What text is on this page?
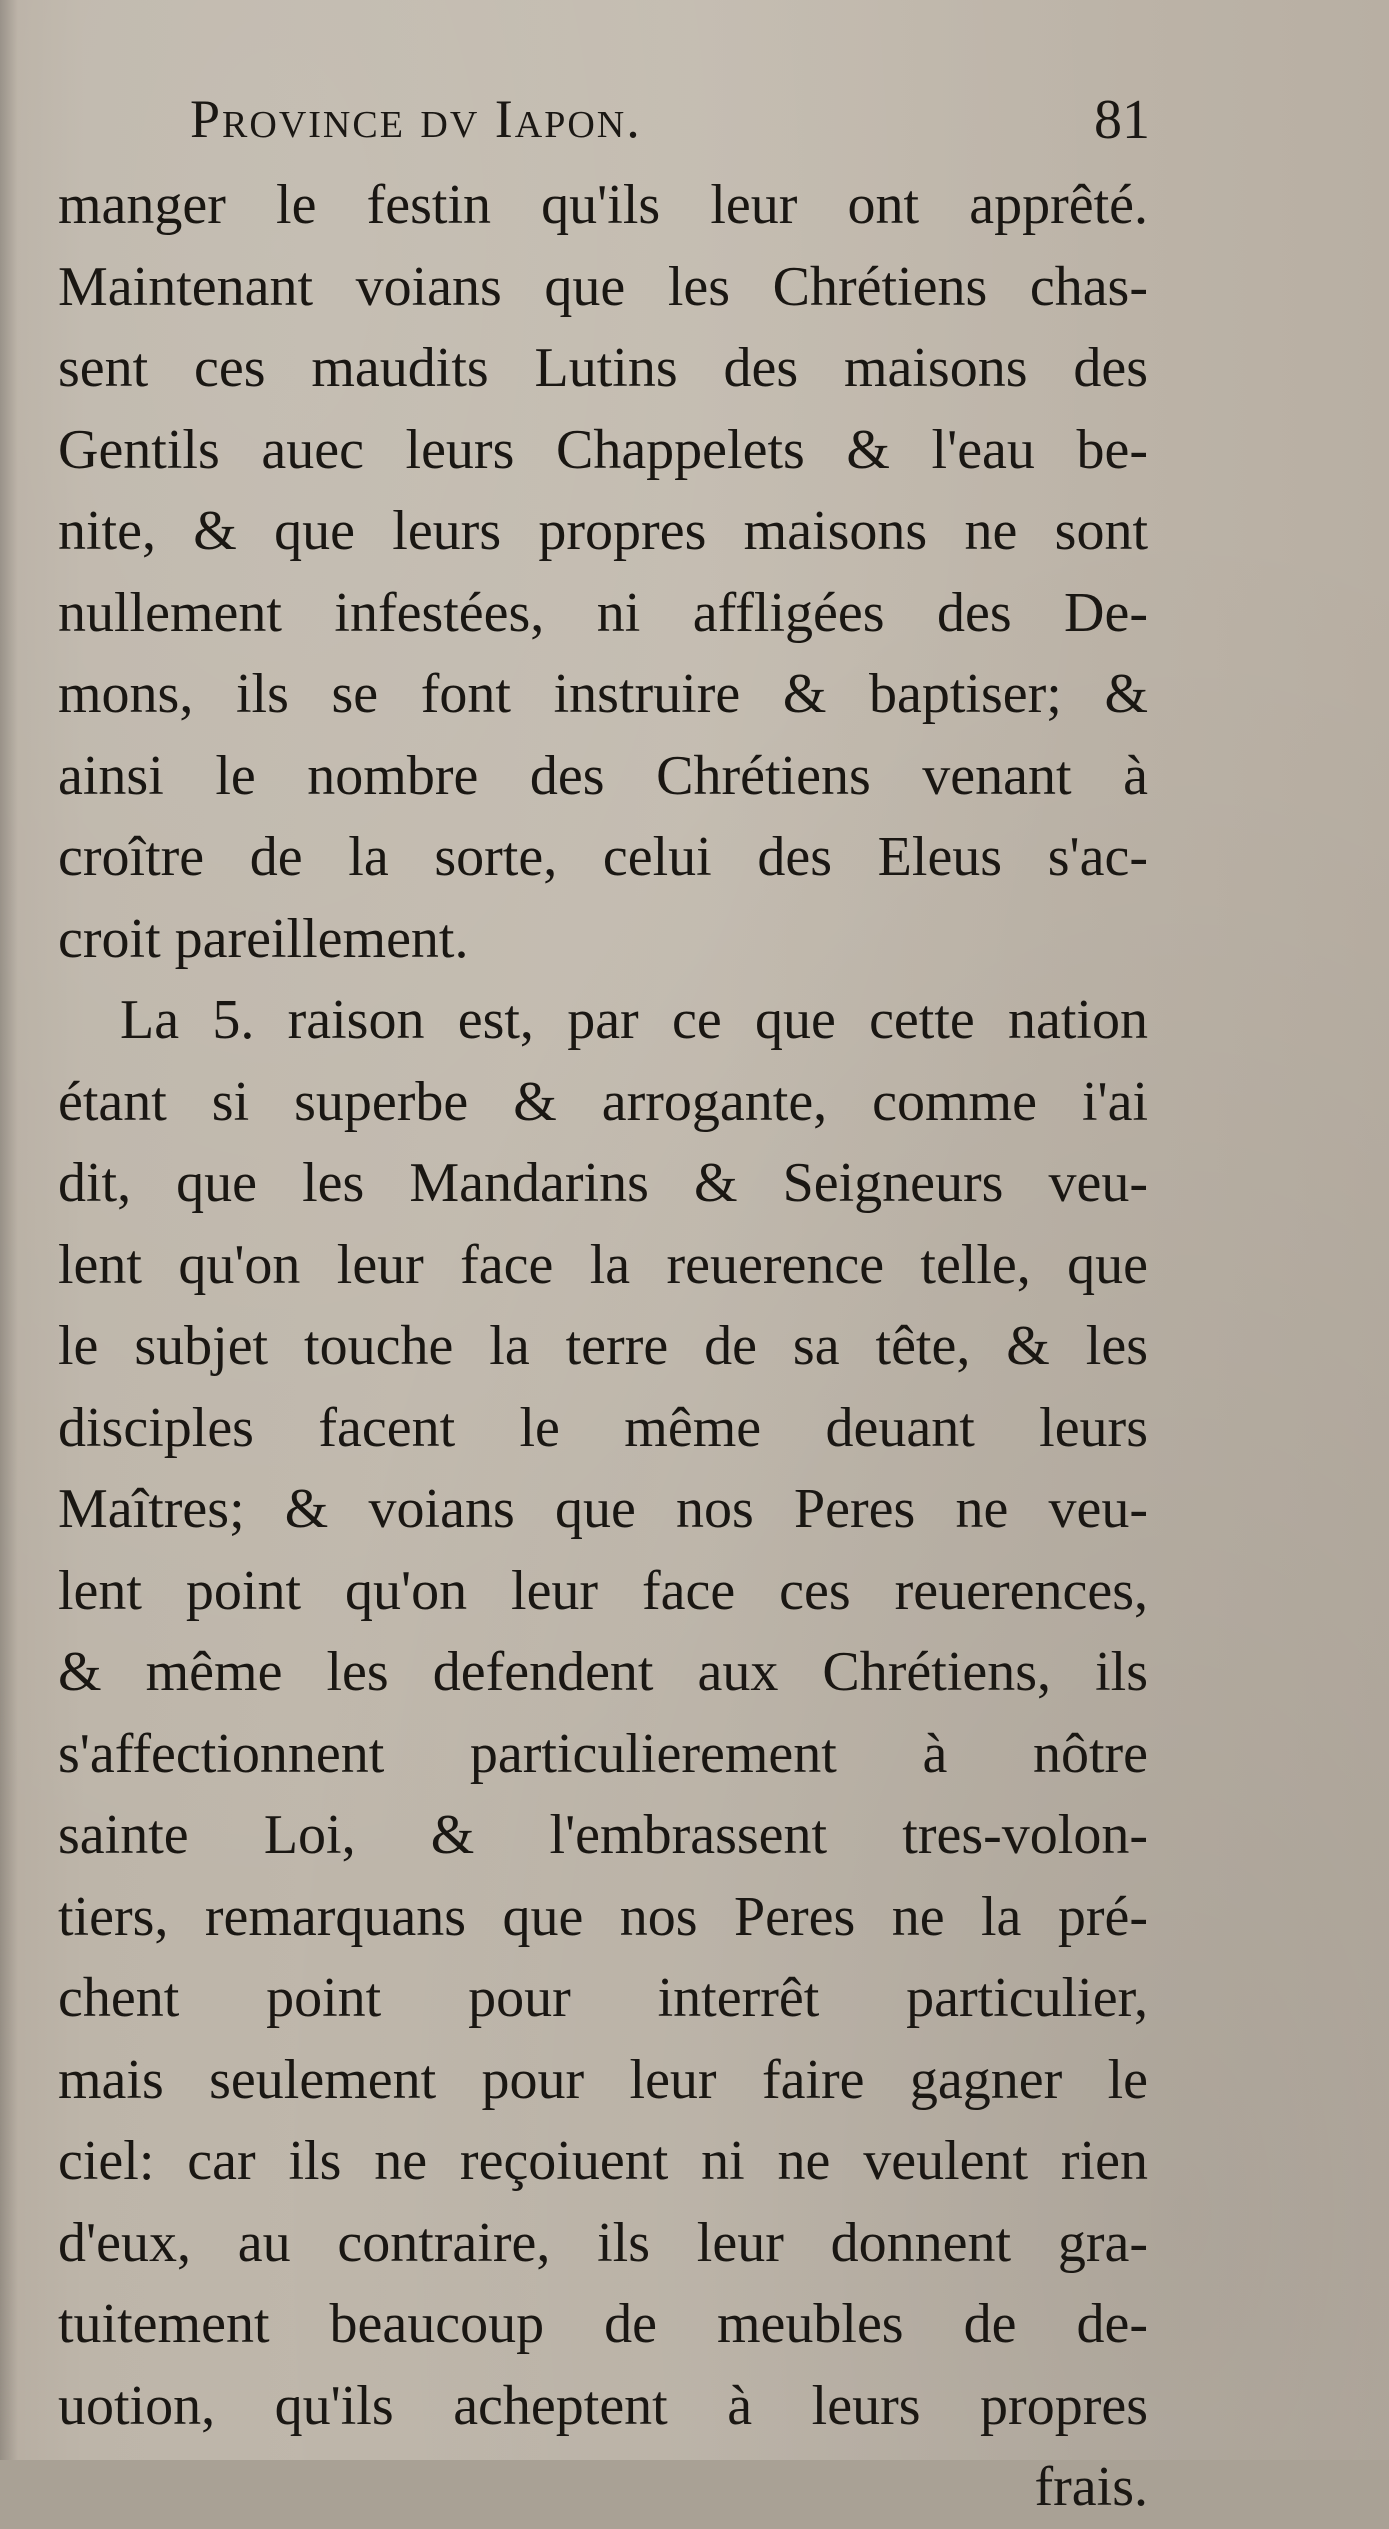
Province dv Iapon.	81
manger le festin qu'ils leur ont apprêté.
Maintenant voians que les Chrétiens chas-
sent ces maudits Lutins des maisons des
Gentils auec leurs Chappelets & l'eau be-
nite, & que leurs propres maisons ne sont
nullement infestées, ni affligées des De-
mons, ils se font instruire & baptiser; &
ainsi le nombre des Chrétiens venant à
croître de la sorte, celui des Eleus s'ac-
croit pareillement.
La 5. raison est, par ce que cette nation
étant si superbe & arrogante, comme i'ai
dit, que les Mandarins & Seigneurs veu-
lent qu'on leur face la reuerence telle, que
le subjet touche la terre de sa tête, & les
disciples facent le même deuant leurs
Maîtres; & voians que nos Peres ne veu-
lent point qu'on leur face ces reuerences,
& même les defendent aux Chrétiens, ils
s'affectionnent particulierement à nôtre
sainte Loi, & l'embrassent tres-volon-
tiers, remarquans que nos Peres ne la pré-
chent point pour interrêt particulier,
mais seulement pour leur faire gagner le
ciel: car ils ne reçoiuent ni ne veulent rien
d'eux, au contraire, ils leur donnent gra-
tuitement beaucoup de meubles de de-
uotion, qu'ils acheptent à leurs propres
frais.
